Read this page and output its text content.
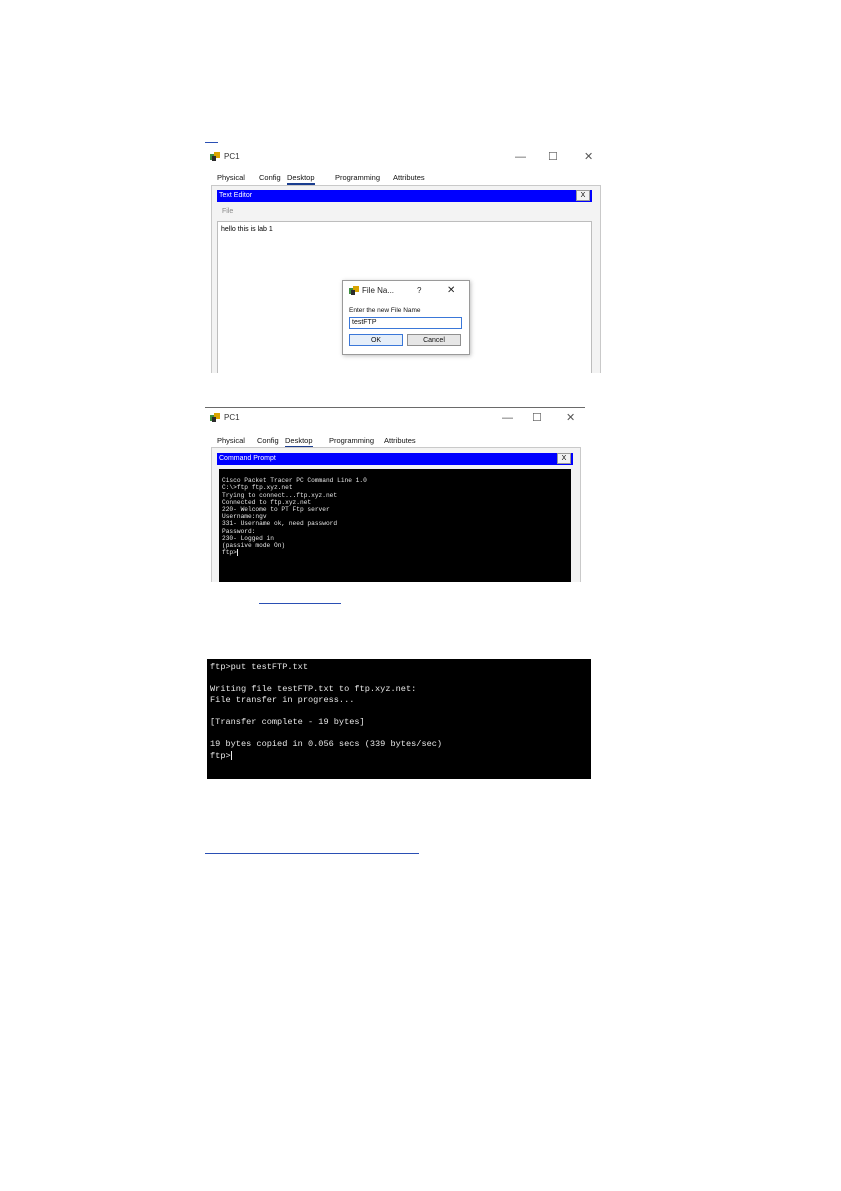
PC1	— ☐ ✕
Physical Config Desktop	Programming Attributes
Text Editor	X
File
hello this is lab 1
File Na...	?	✕
Enter the new File Name
testFTP
OK	Cancel
PC1	— ☐ ✕
Physical Config Desktop Programming Attributes
Command Prompt	X
Cisco Packet Tracer PC Command Line 1.0
C:\>ftp ftp.xyz.net
Trying to connect...ftp.xyz.net
Connected to ftp.xyz.net
220- Welcome to PT Ftp server
Username:ngv
331- Username ok, need password
Password:
230- Logged in
(passive mode On)
ftp>
ftp>put testFTP.txt
Writing file testFTP.txt to ftp.xyz.net:
File transfer in progress...
[Transfer complete - 19 bytes]
19 bytes copied in 0.056 secs (339 bytes/sec)
ftp>
